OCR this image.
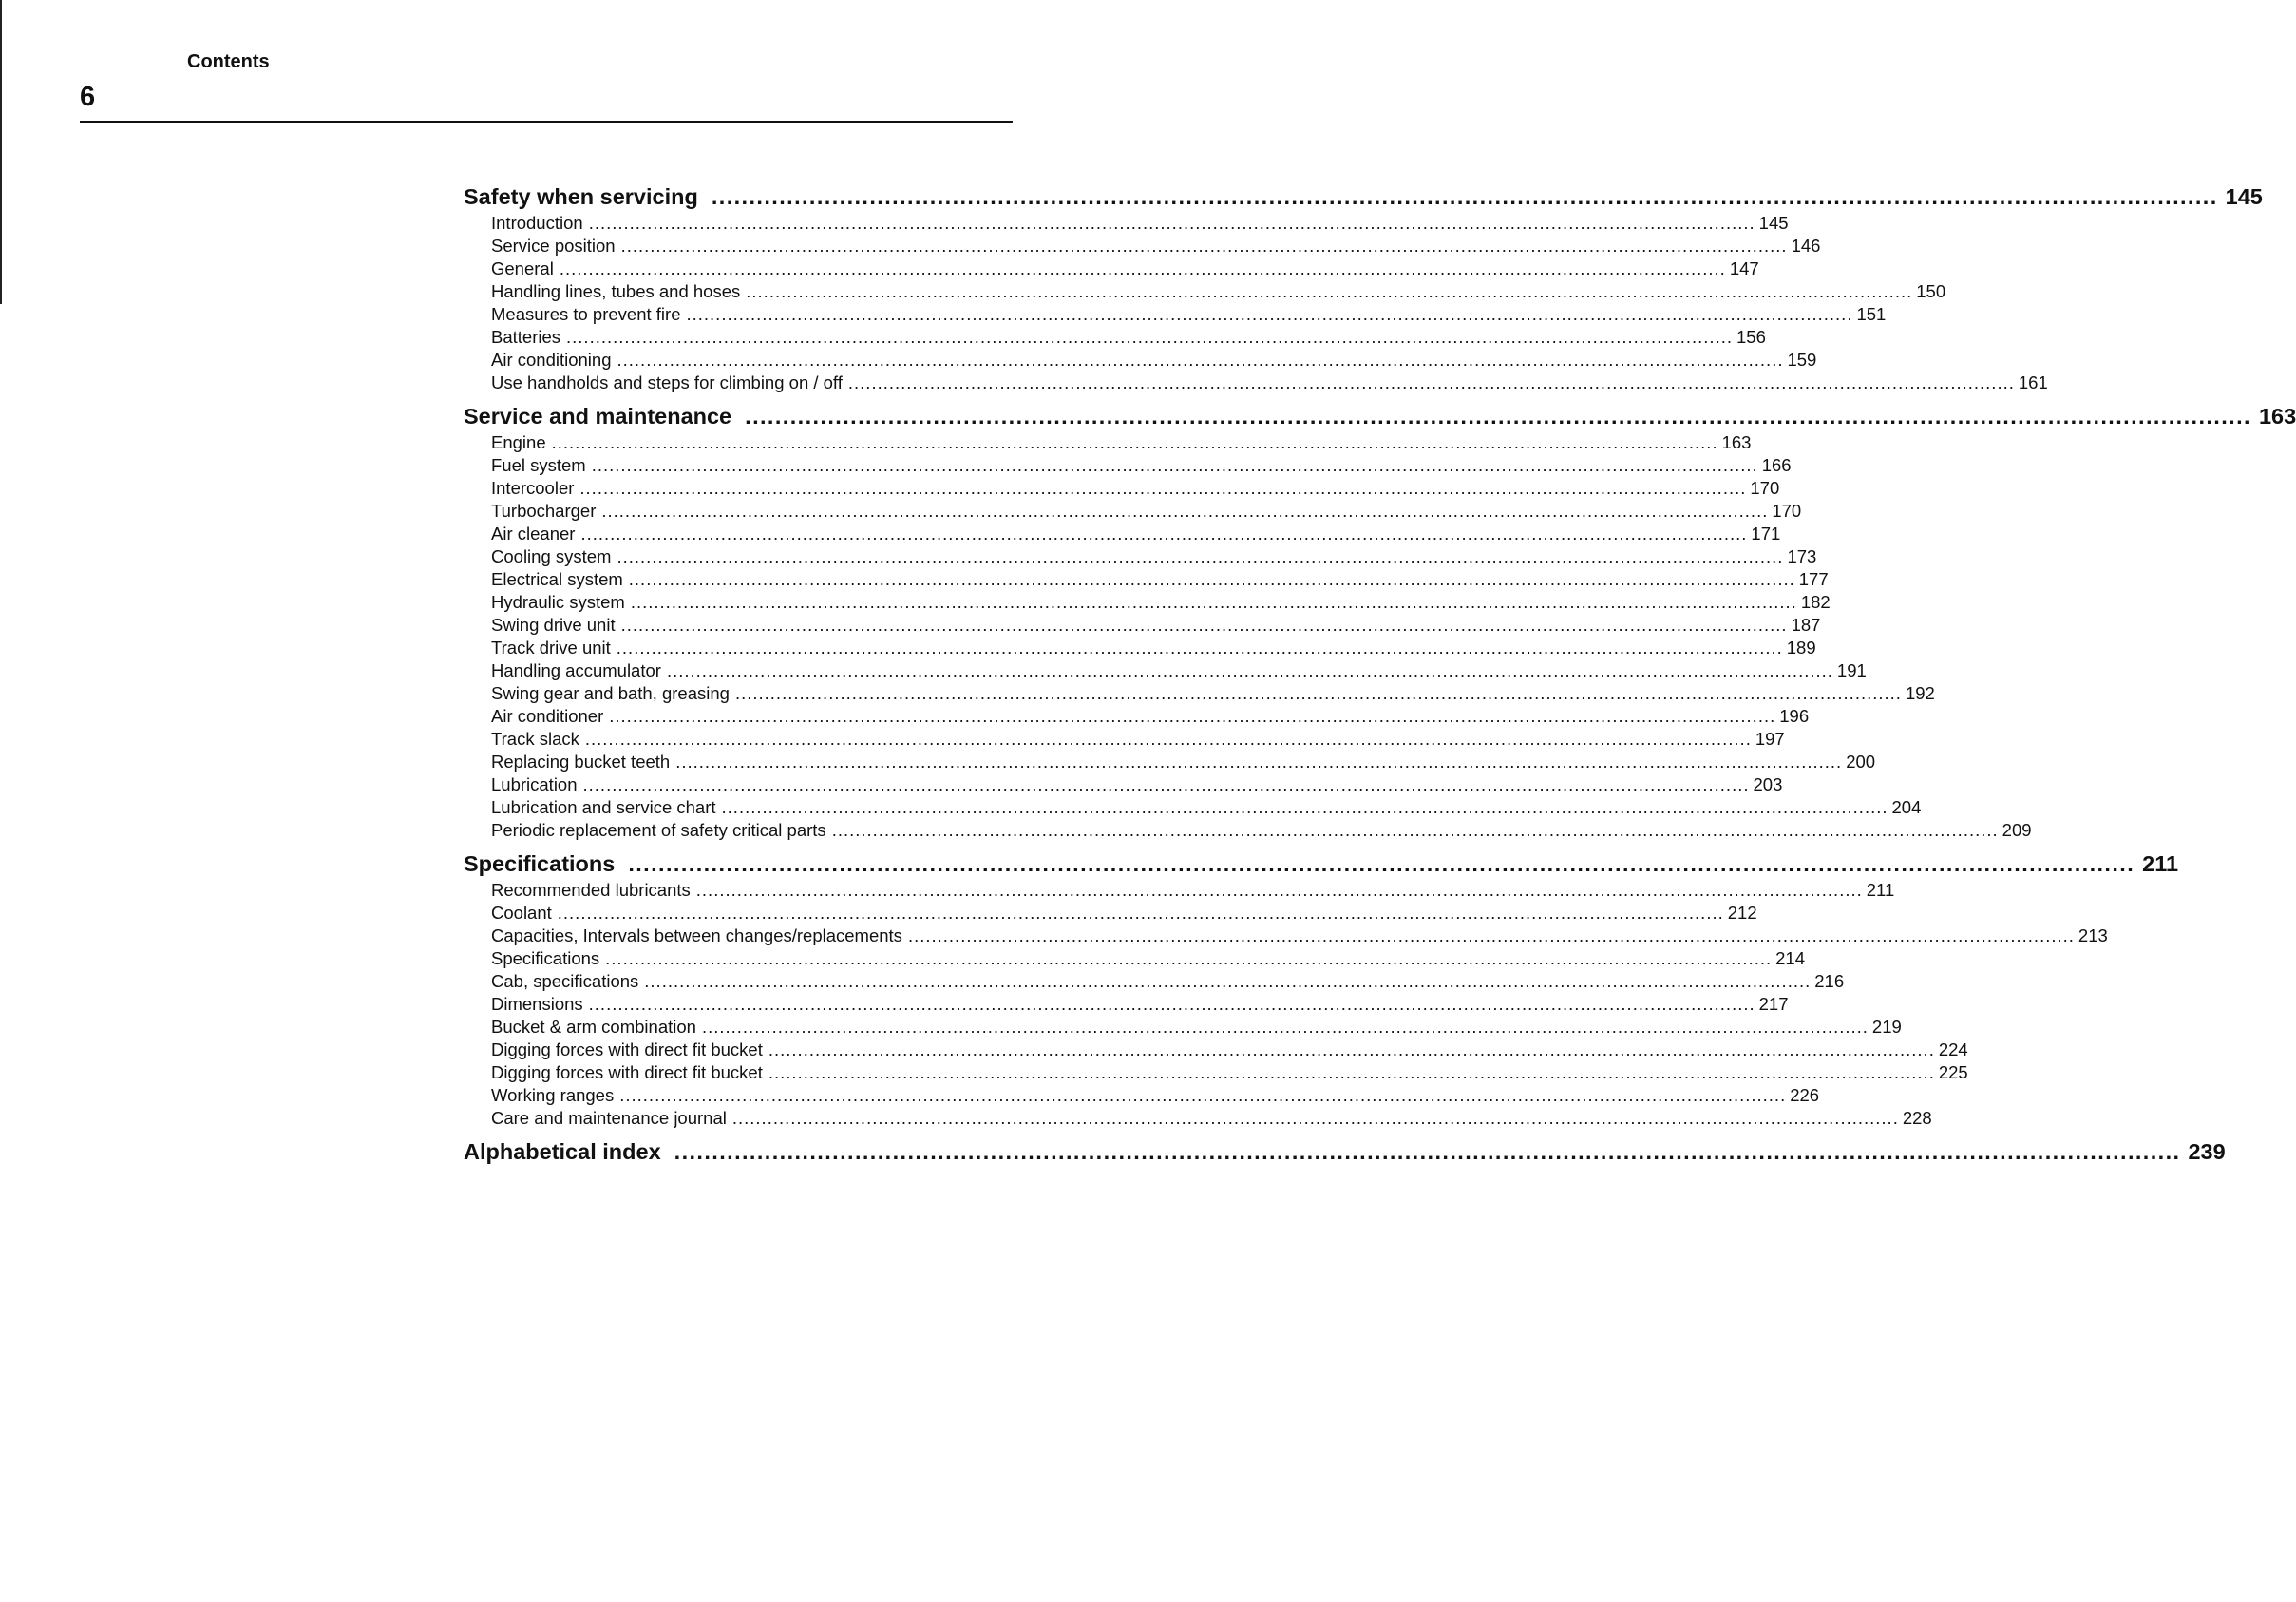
Contents
6
Safety when servicing ........................................................................................................................................................................................................ 145
Introduction ........................................................................................................................................................................................................ 145
Service position ........................................................................................................................................................................................................ 146
General ........................................................................................................................................................................................................ 147
Handling lines, tubes and hoses ........................................................................................................................................................................................................ 150
Measures to prevent fire ........................................................................................................................................................................................................ 151
Batteries ........................................................................................................................................................................................................ 156
Air conditioning ........................................................................................................................................................................................................ 159
Use handholds and steps for climbing on / off ........................................................................................................................................................................................................ 161
Service and maintenance ........................................................................................................................................................................................................ 163
Engine ........................................................................................................................................................................................................ 163
Fuel system ........................................................................................................................................................................................................ 166
Intercooler ........................................................................................................................................................................................................ 170
Turbocharger ........................................................................................................................................................................................................ 170
Air cleaner ........................................................................................................................................................................................................ 171
Cooling system ........................................................................................................................................................................................................ 173
Electrical system ........................................................................................................................................................................................................ 177
Hydraulic system ........................................................................................................................................................................................................ 182
Swing drive unit ........................................................................................................................................................................................................ 187
Track drive unit ........................................................................................................................................................................................................ 189
Handling accumulator ........................................................................................................................................................................................................ 191
Swing gear and bath, greasing ........................................................................................................................................................................................................ 192
Air conditioner ........................................................................................................................................................................................................ 196
Track slack ........................................................................................................................................................................................................ 197
Replacing bucket teeth ........................................................................................................................................................................................................ 200
Lubrication ........................................................................................................................................................................................................ 203
Lubrication and service chart ........................................................................................................................................................................................................ 204
Periodic replacement of safety critical parts ........................................................................................................................................................................................................ 209
Specifications ........................................................................................................................................................................................................ 211
Recommended lubricants ........................................................................................................................................................................................................ 211
Coolant ........................................................................................................................................................................................................ 212
Capacities, Intervals between changes/replacements ........................................................................................................................................................................................................ 213
Specifications ........................................................................................................................................................................................................ 214
Cab, specifications ........................................................................................................................................................................................................ 216
Dimensions ........................................................................................................................................................................................................ 217
Bucket & arm combination ........................................................................................................................................................................................................ 219
Digging forces with direct fit bucket ........................................................................................................................................................................................................ 224
Digging forces with direct fit bucket ........................................................................................................................................................................................................ 225
Working ranges ........................................................................................................................................................................................................ 226
Care and maintenance journal ........................................................................................................................................................................................................ 228
Alphabetical index ........................................................................................................................................................................................................ 239
